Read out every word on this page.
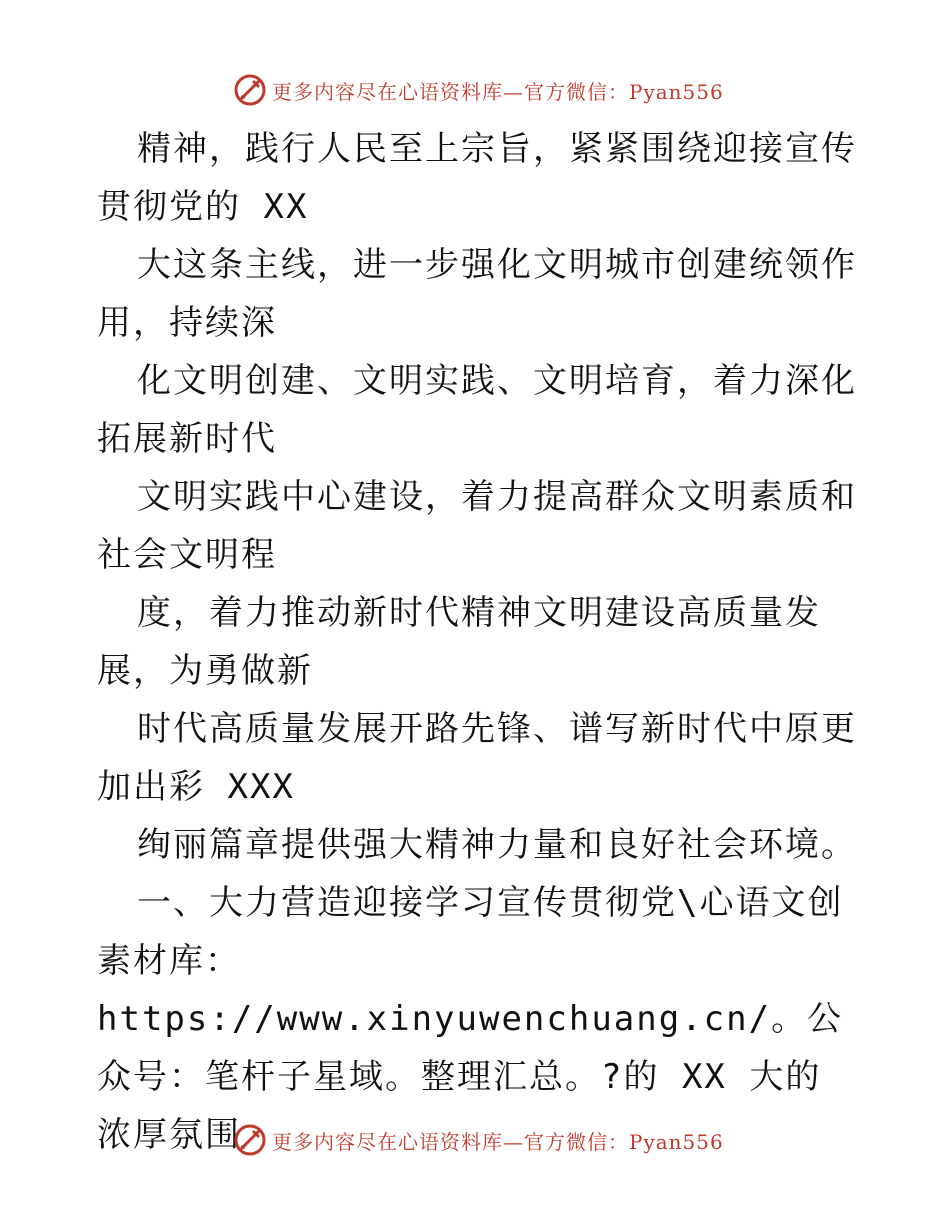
更多内容尽在心语资料库—官方微信：Pyan556

精神，践行人民至上宗旨，紧紧围绕迎接宣传贯彻党的 XX

大这条主线，进一步强化文明城市创建统领作用，持续深

化文明创建、文明实践、文明培育，着力深化拓展新时代

文明实践中心建设，着力提高群众文明素质和社会文明程

度，着力推动新时代精神文明建设高质量发展，为勇做新

时代高质量发展开路先锋、谱写新时代中原更加出彩 XXX

绚丽篇章提供强大精神力量和良好社会环境。

一、大力营造迎接学习宣传贯彻党\心语文创素材库：https://www.xinyuwenchuang.cn/。公众号：笔杆子星域。整理汇总。?的 XX 大的浓厚氛围	更多内容尽在心语资料库—官方微信：Pyan556
